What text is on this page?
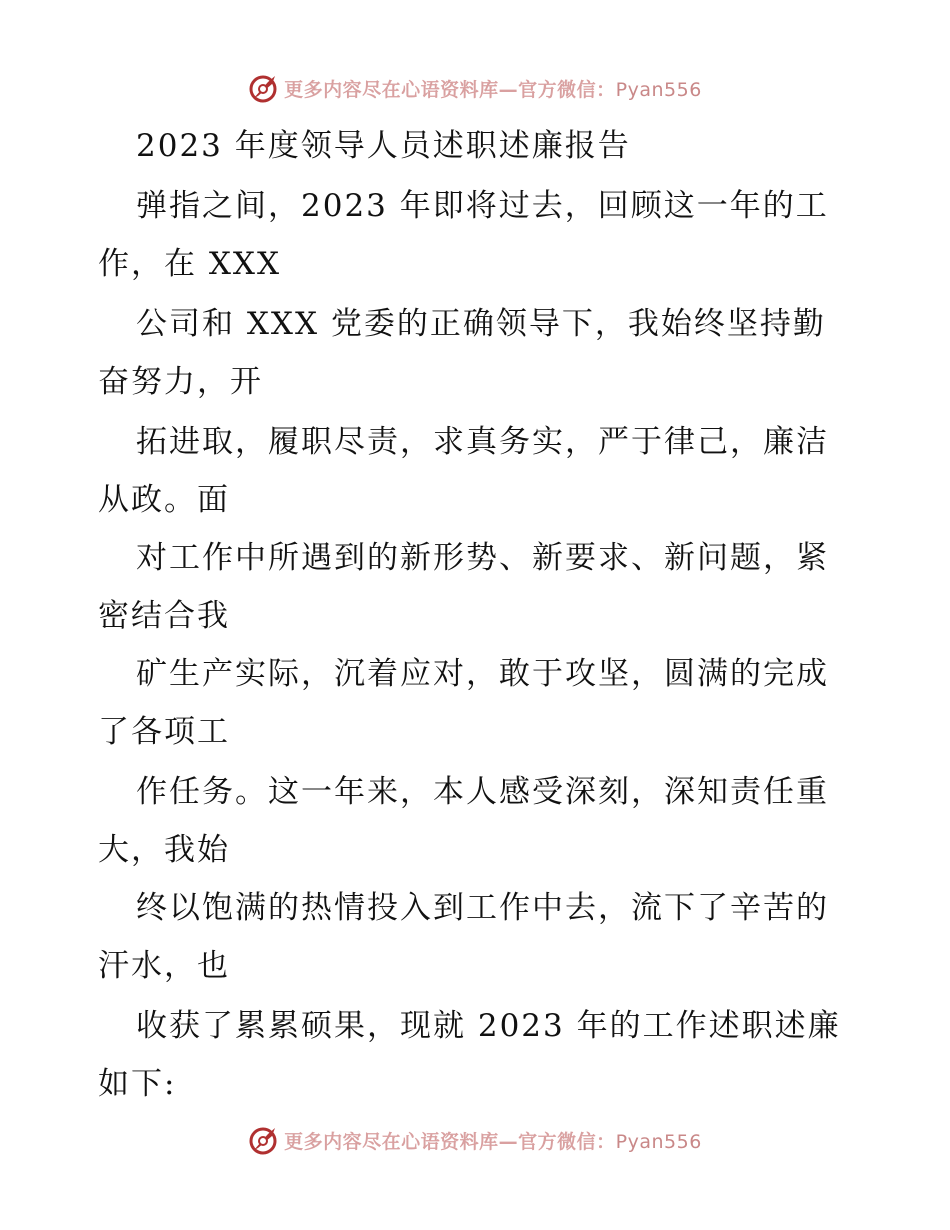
更多内容尽在心语资料库—官方微信：Pyan556
2023 年度领导人员述职述廉报告
弹指之间，2023 年即将过去，回顾这一年的工
作，在 XXX
公司和 XXX 党委的正确领导下，我始终坚持勤
奋努力，开
拓进取，履职尽责，求真务实，严于律己，廉洁
从政。面
对工作中所遇到的新形势、新要求、新问题，紧
密结合我
矿生产实际，沉着应对，敢于攻坚，圆满的完成
了各项工
作任务。这一年来，本人感受深刻，深知责任重
大，我始
终以饱满的热情投入到工作中去，流下了辛苦的
汗水，也
收获了累累硕果，现就 2023 年的工作述职述廉
如下:
更多内容尽在心语资料库—官方微信：Pyan556
